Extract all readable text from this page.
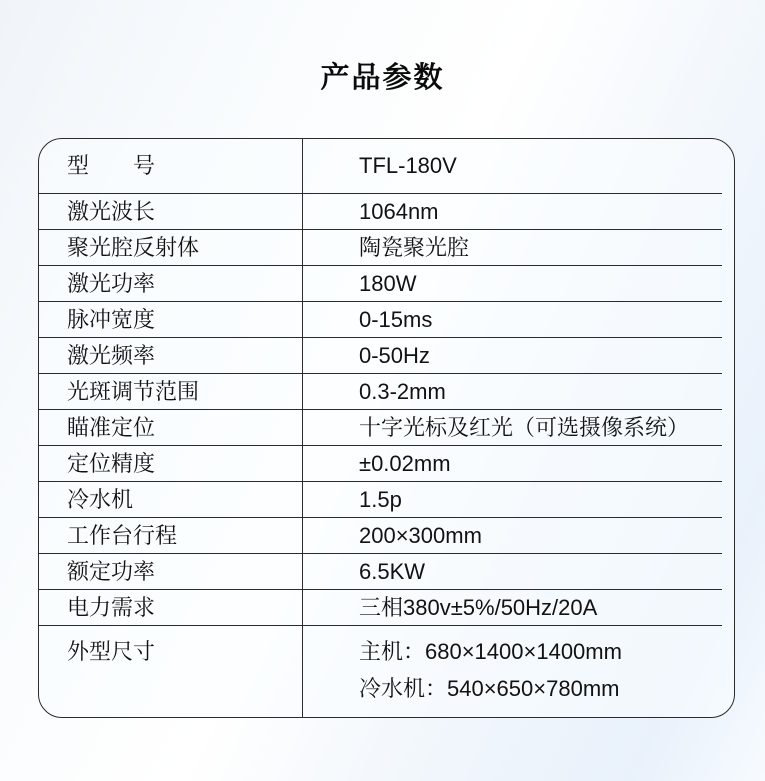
产品参数
型　　号	TFL-180V
激光波长	1064nm
聚光腔反射体	陶瓷聚光腔
激光功率	180W
脉冲宽度	0-15ms
激光频率	0-50Hz
光斑调节范围	0.3-2mm
瞄准定位	十字光标及红光（可选摄像系统）
定位精度	±0.02mm
冷水机	1.5p
工作台行程	200×300mm
额定功率	6.5KW
电力需求	三相380v±5%/50Hz/20A
外型尺寸	主机：680×1400×1400mm
冷水机：540×650×780mm
